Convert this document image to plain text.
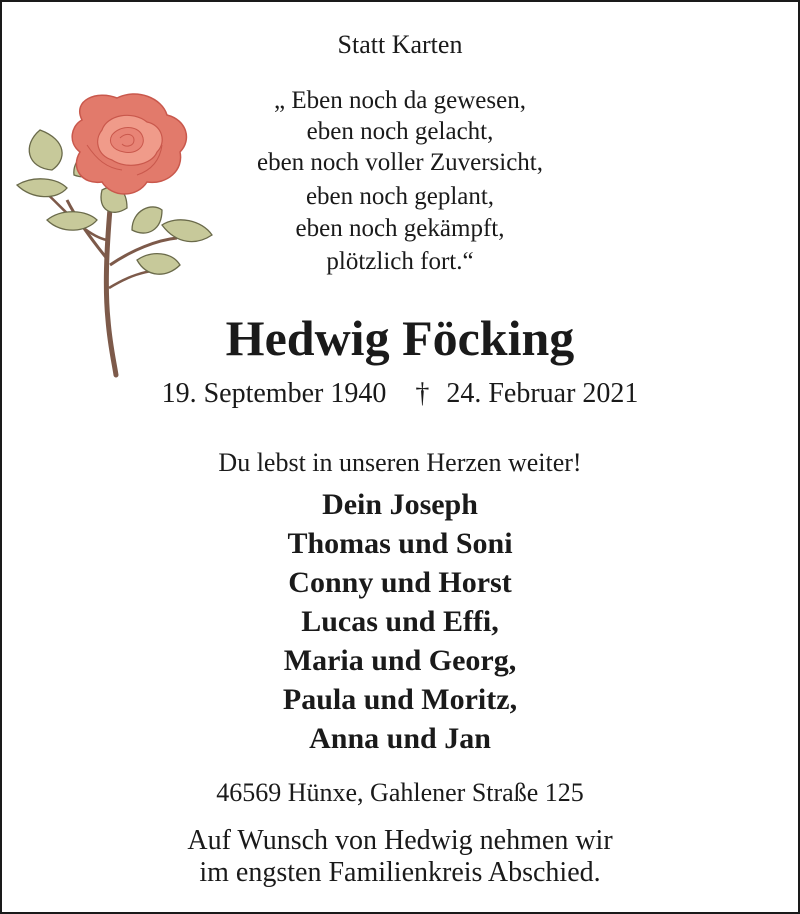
Statt Karten
„ Eben noch da gewesen,
eben noch gelacht,
eben noch voller Zuversicht,
eben noch geplant,
eben noch gekämpft,
plötzlich fort.“
Hedwig Föcking
19. September 1940 † 24. Februar 2021
Du lebst in unseren Herzen weiter!
Dein Joseph
Thomas und Soni
Conny und Horst
Lucas und Effi,
Maria und Georg,
Paula und Moritz,
Anna und Jan
46569 Hünxe, Gahlener Straße 125
Auf Wunsch von Hedwig nehmen wir
im engsten Familienkreis Abschied.
